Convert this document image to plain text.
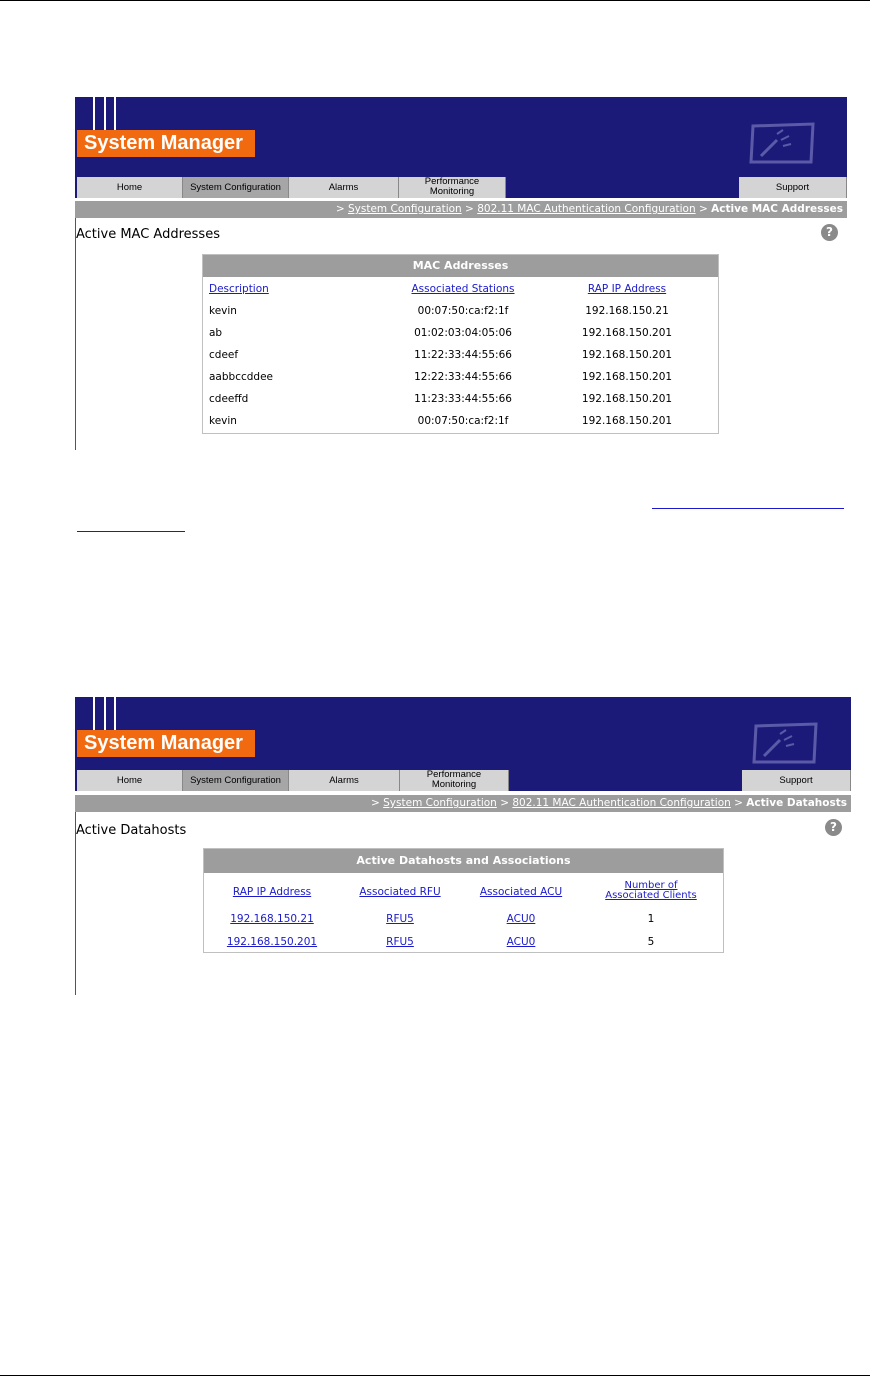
System Manager
Home	System Configuration	Alarms
Performance
Monitoring	Support
> System Configuration > 802.11 MAC Authentication Configuration > Active MAC Addresses
Active MAC Addresses	?
MAC Addresses
Description	Associated Stations	RAP IP Address
kevin	00:07:50:ca:f2:1f	192.168.150.21
ab	01:02:03:04:05:06	192.168.150.201
cdeef	11:22:33:44:55:66	192.168.150.201
aabbccddee	12:22:33:44:55:66	192.168.150.201
cdeeffd	11:23:33:44:55:66	192.168.150.201
kevin	00:07:50:ca:f2:1f	192.168.150.201
System Manager
Home	System Configuration	Alarms
Performance
Monitoring	Support
> System Configuration > 802.11 MAC Authentication Configuration > Active Datahosts
Active Datahosts	?
Active Datahosts and Associations
RAP IP Address	Associated RFU	Associated ACU
Number of
Associated Clients
192.168.150.21	RFU5	ACU0	1
192.168.150.201	RFU5	ACU0	5
